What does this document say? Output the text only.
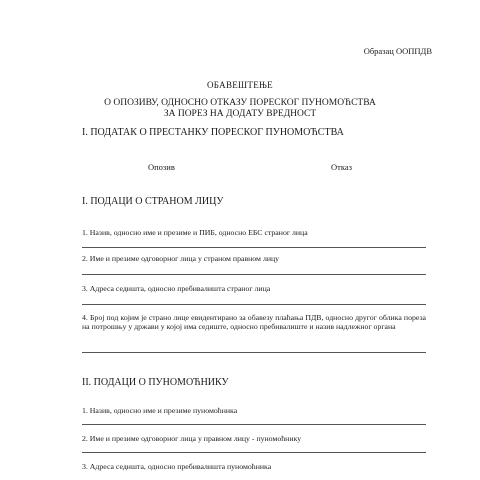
Образац ООППДВ
ОБАВЕШТЕЊЕ
О ОПОЗИВУ, ОДНОСНО ОТКАЗУ ПОРЕСКОГ ПУНОМОЋСТВА
ЗА ПОРЕЗ НА ДОДАТУ ВРЕДНОСТ
I. ПОДАТАК О ПРЕСТАНКУ ПОРЕСКОГ ПУНОМОЋСТВА
Опозив	Отказ
I. ПОДАЦИ О СТРАНОМ ЛИЦУ
1. Назив, односно име и презиме и ПИБ, односно ЕБС страног лица
2. Име и презиме одговорног лица у страном правном лицу
3. Адреса седишта, односно пребивалишта страног лица
4. Број под којим је страно лице евидентирано за обавезу плаћања ПДВ, односно другог облика пореза на потрошњу у држави у којој има седиште, односно пребивалиште и назив надлежног органа
II. ПОДАЦИ О ПУНОМОЋНИКУ
1. Назив, односно име и презиме пуномоћника
2. Име и презиме одговорног лица у правном лицу - пуномоћнику
3. Адреса седишта, односно пребивалишта пуномоћника
